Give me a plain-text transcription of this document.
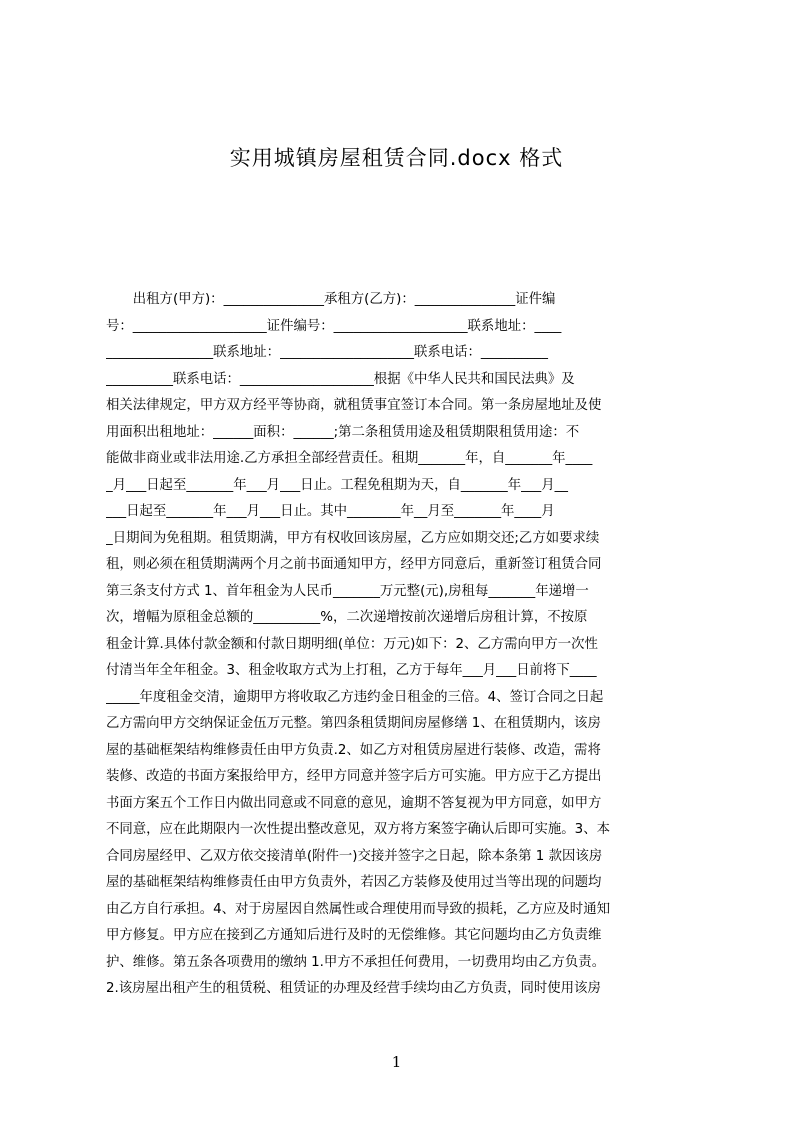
实用城镇房屋租赁合同.docx 格式
　　出租方(甲方)：_______________承租方(乙方)：_______________证件编
号：____________________证件编号：____________________联系地址：____
________________联系地址：____________________联系电话：__________
__________联系电话：____________________根据《中华人民共和国民法典》及
相关法律规定，甲方双方经平等协商，就租赁事宜签订本合同。第一条房屋地址及使
用面积出租地址：______面积：______;第二条租赁用途及租赁期限租赁用途：不
能做非商业或非法用途.乙方承担全部经营责任。租期_______年，自_______年____
_月___日起至_______年___月___日止。工程免租期为天，自_______年___月__
___日起至_______年___月___日止。其中________年__月至_______年____月
_日期间为免租期。租赁期满，甲方有权收回该房屋，乙方应如期交还;乙方如要求续
租，则必须在租赁期满两个月之前书面通知甲方，经甲方同意后，重新签订租赁合同
第三条支付方式 1、首年租金为人民币_______万元整(元),房租每_______年递增一
次，增幅为原租金总额的__________%，二次递增按前次递增后房租计算，不按原
租金计算.具体付款金额和付款日期明细(单位：万元)如下：2、乙方需向甲方一次性
付清当年全年租金。3、租金收取方式为上打租，乙方于每年___月___日前将下____
_____年度租金交清，逾期甲方将收取乙方违约金日租金的三倍。4、签订合同之日起
乙方需向甲方交纳保证金伍万元整。第四条租赁期间房屋修缮 1、在租赁期内，该房
屋的基础框架结构维修责任由甲方负责.2、如乙方对租赁房屋进行装修、改造，需将
装修、改造的书面方案报给甲方，经甲方同意并签字后方可实施。甲方应于乙方提出
书面方案五个工作日内做出同意或不同意的意见，逾期不答复视为甲方同意，如甲方
不同意，应在此期限内一次性提出整改意见，双方将方案签字确认后即可实施。3、本
合同房屋经甲、乙双方依交接清单(附件一)交接并签字之日起，除本条第 1 款因该房
屋的基础框架结构维修责任由甲方负责外，若因乙方装修及使用过当等出现的问题均
由乙方自行承担。4、对于房屋因自然属性或合理使用而导致的损耗，乙方应及时通知
甲方修复。甲方应在接到乙方通知后进行及时的无偿维修。其它问题均由乙方负责维
护、维修。第五条各项费用的缴纳 1.甲方不承担任何费用，一切费用均由乙方负责。
2.该房屋出租产生的租赁税、租赁证的办理及经营手续均由乙方负责，同时使用该房
1
